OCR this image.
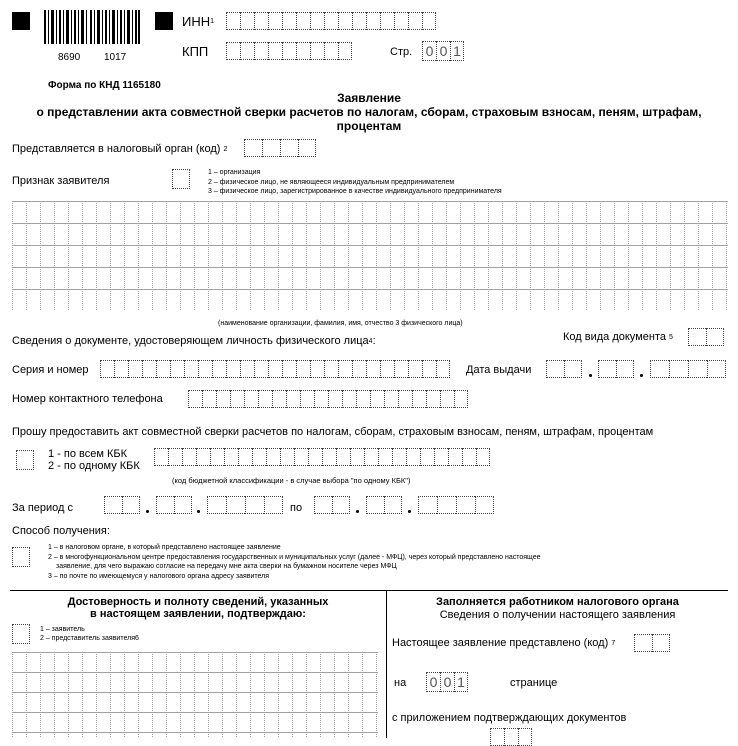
8690 1017
ИНН$^1$
КПП	Стр. 0 0 1
Форма по КНД 1165180
Заявление
о представлении акта совместной сверки расчетов по налогам, сборам, страховым взносам, пеням, штрафам,
процентам
Представляется в налоговый орган (код) $^2$
Признак заявителя
1 – организация
2 – физическое лицо, не являющееся индивидуальным предпринимателем
3 – физическое лицо, зарегистрированное в качестве индивидуального предпринимателя
(наименование организации, фамилия, имя, отчество $^3$ физического лица)
Сведения о документе, удостоверяющем личность физического лица$^4$:	Код вида документа $^5$
Серия и номер	Дата выдачи
Номер контактного телефона
Прошу предоставить акт совместной сверки расчетов по налогам, сборам, страховым взносам, пеням, штрафам, процентам
1 - по всем КБК
2 - по одному КБК
(код бюджетной классификации - в случае выбора "по одному КБК")
За период с	по
Способ получения:
1 – в налоговом органе, в который представлено настоящее заявление
2 – в многофункциональном центре предоставления государственных и муниципальных услуг (далее - МФЦ), через который представлено настоящее
заявление, для чего выражаю согласие на передачу мне акта сверки на бумажном носителе через МФЦ
3 – по почте по имеющемуся у налогового органа адресу заявителя
Достоверность и полноту сведений, указанных
в настоящем заявлении, подтверждаю:
1 – заявитель
2 – представитель заявителя$^6$
Заполняется работником налогового органа
Сведения о получении настоящего заявления
Настоящее заявление представлено (код) $^7$
на 0 0 1	странице
с приложением подтверждающих документов
